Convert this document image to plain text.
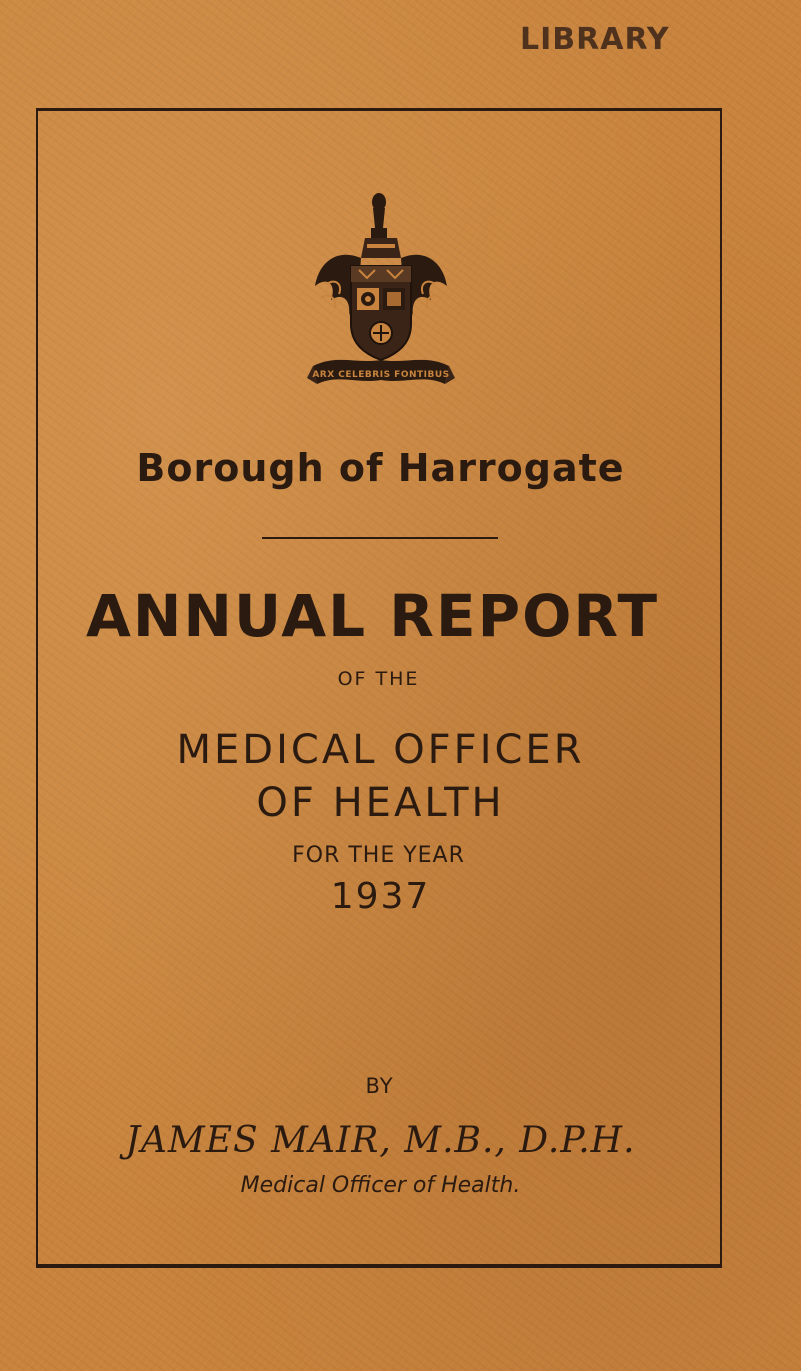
LIBRARY
ARX CELEBRIS FONTIBUS
Borough of Harrogate
ANNUAL REPORT
OF THE
MEDICAL OFFICER
OF HEALTH
FOR THE YEAR
1937
BY
JAMES MAIR, M.B., D.P.H.
Medical Officer of Health.
